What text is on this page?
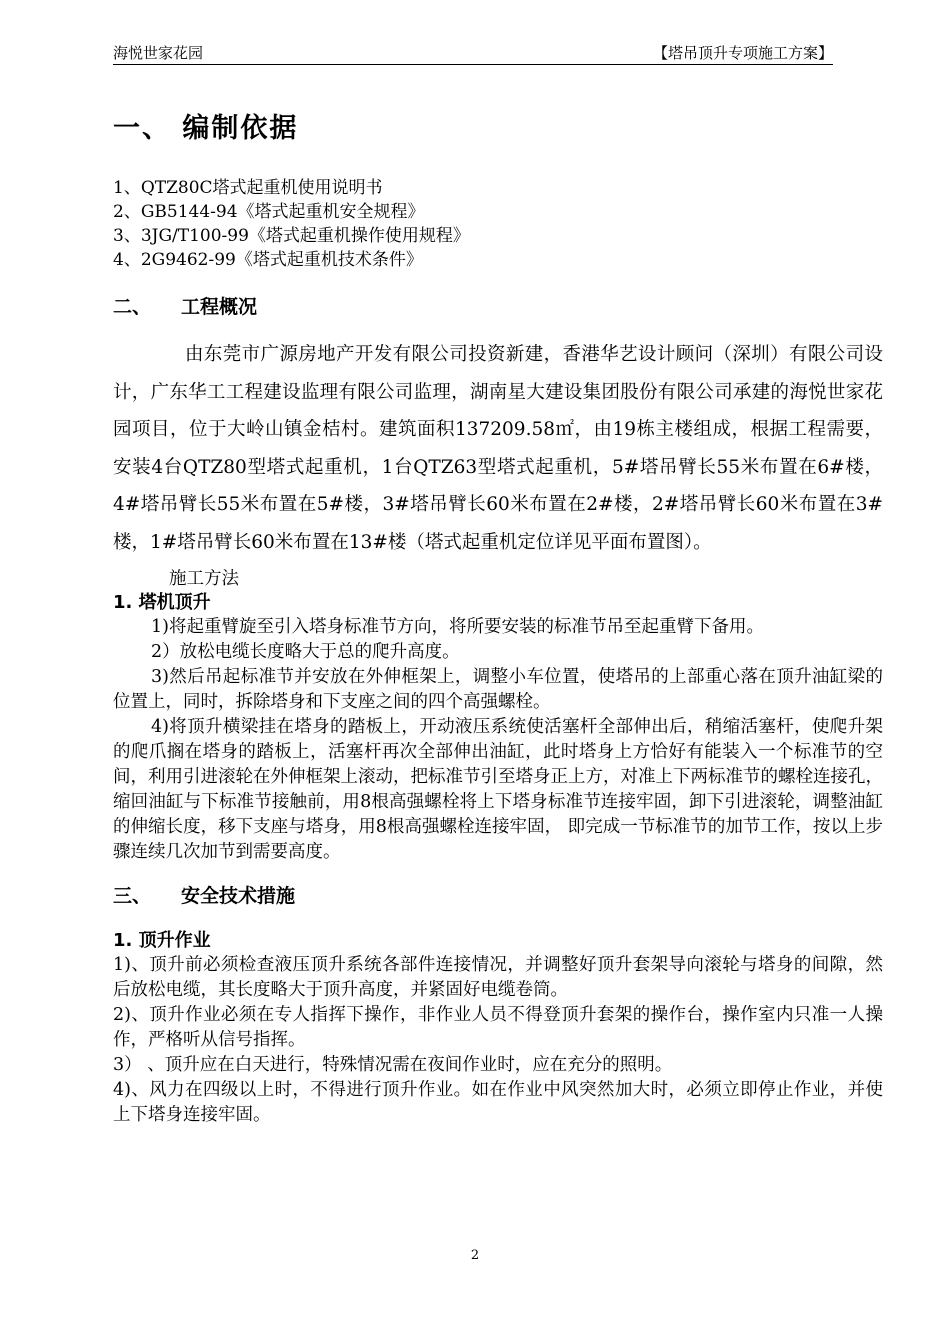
海悦世家花园	【塔吊顶升专项施工方案】
一、 编制依据
1、QTZ80C塔式起重机使用说明书
2、GB5144-94《塔式起重机安全规程》
3、3JG/T100-99《塔式起重机操作使用规程》
4、2G9462-99《塔式起重机技术条件》
二、 工程概况
由东莞市广源房地产开发有限公司投资新建，香港华艺设计顾问（深圳）有限公司设计，广东华工工程建设监理有限公司监理，湖南星大建设集团股份有限公司承建的海悦世家花园项目，位于大岭山镇金桔村。建筑面积137209.58㎡，由19栋主楼组成，根据工程需要，安装4台QTZ80型塔式起重机，1台QTZ63型塔式起重机，5#塔吊臂长55米布置在6#楼，4#塔吊臂长55米布置在5#楼，3#塔吊臂长60米布置在2#楼，2#塔吊臂长60米布置在3#楼，1#塔吊臂长60米布置在13#楼（塔式起重机定位详见平面布置图）。
施工方法
1. 塔机顶升

1)将起重臂旋至引入塔身标准节方向，将所要安装的标准节吊至起重臂下备用。

2）放松电缆长度略大于总的爬升高度。

3)然后吊起标准节并安放在外伸框架上，调整小车位置，使塔吊的上部重心落在顶升油缸梁的位置上，同时，拆除塔身和下支座之间的四个高强螺栓。

4)将顶升横梁挂在塔身的踏板上，开动液压系统使活塞杆全部伸出后，稍缩活塞杆，使爬升架的爬爪搁在塔身的踏板上，活塞杆再次全部伸出油缸，此时塔身上方恰好有能装入一个标准节的空间，利用引进滚轮在外伸框架上滚动，把标准节引至塔身正上方，对准上下两标准节的螺栓连接孔，缩回油缸与下标准节接触前，用8根高强螺栓将上下塔身标准节连接牢固，卸下引进滚轮，调整油缸的伸缩长度，移下支座与塔身，用8根高强螺栓连接牢固， 即完成一节标准节的加节工作，按以上步骤连续几次加节到需要高度。

三、 安全技术措施
1. 顶升作业

1)、顶升前必须检查液压顶升系统各部件连接情况，并调整好顶升套架导向滚轮与塔身的间隙，然后放松电缆，其长度略大于顶升高度，并紧固好电缆卷筒。

2)、顶升作业必须在专人指挥下操作，非作业人员不得登顶升套架的操作台，操作室内只准一人操作，严格听从信号指挥。

3） 、顶升应在白天进行，特殊情况需在夜间作业时，应在充分的照明。

4)、风力在四级以上时，不得进行顶升作业。如在作业中风突然加大时，必须立即停止作业，并使上下塔身连接牢固。

2
